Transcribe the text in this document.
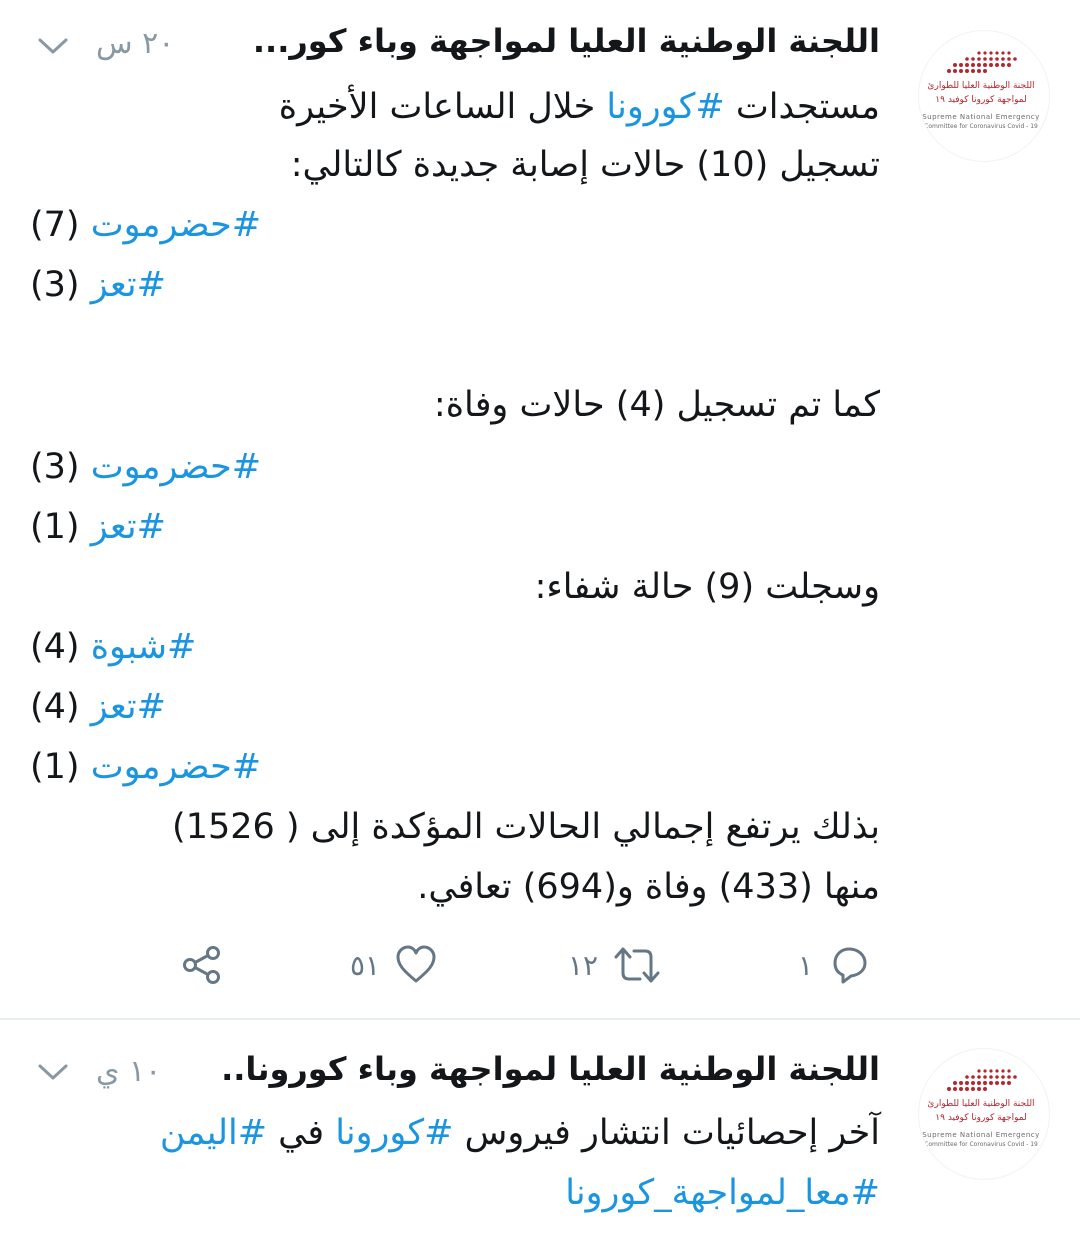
اللجنة الوطنية العليا للطوارئ
لمواجهة كورونا كوفيد ١٩
Supreme National Emergency
Committee for Coronavirus Covid - 19
٢٠ س اللجنة الوطنية العليا لمواجهة وباء كور...
مستجدات #كورونا خلال الساعات الأخيرة
تسجيل (10) حالات إصابة جديدة كالتالي:
(7) حضرموت#
(3) تعز#
كما تم تسجيل (4) حالات وفاة:
(3) حضرموت#
(1) تعز#
وسجلت (9) حالة شفاء:
(4) شبوة#
(4) تعز#
(1) حضرموت#
بذلك يرتفع إجمالي الحالات المؤكدة إلى ( 1526)
منها (433) وفاة و(694) تعافي.
٥١	١٢	١
اللجنة الوطنية العليا للطوارئ
لمواجهة كورونا كوفيد ١٩
Supreme National Emergency
Committee for Coronavirus Covid - 19
١٠ ي اللجنة الوطنية العليا لمواجهة وباء كورونا..
آخر إحصائيات انتشار فيروس #كورونا في #اليمن
#معا_لمواجهة_كورونا
